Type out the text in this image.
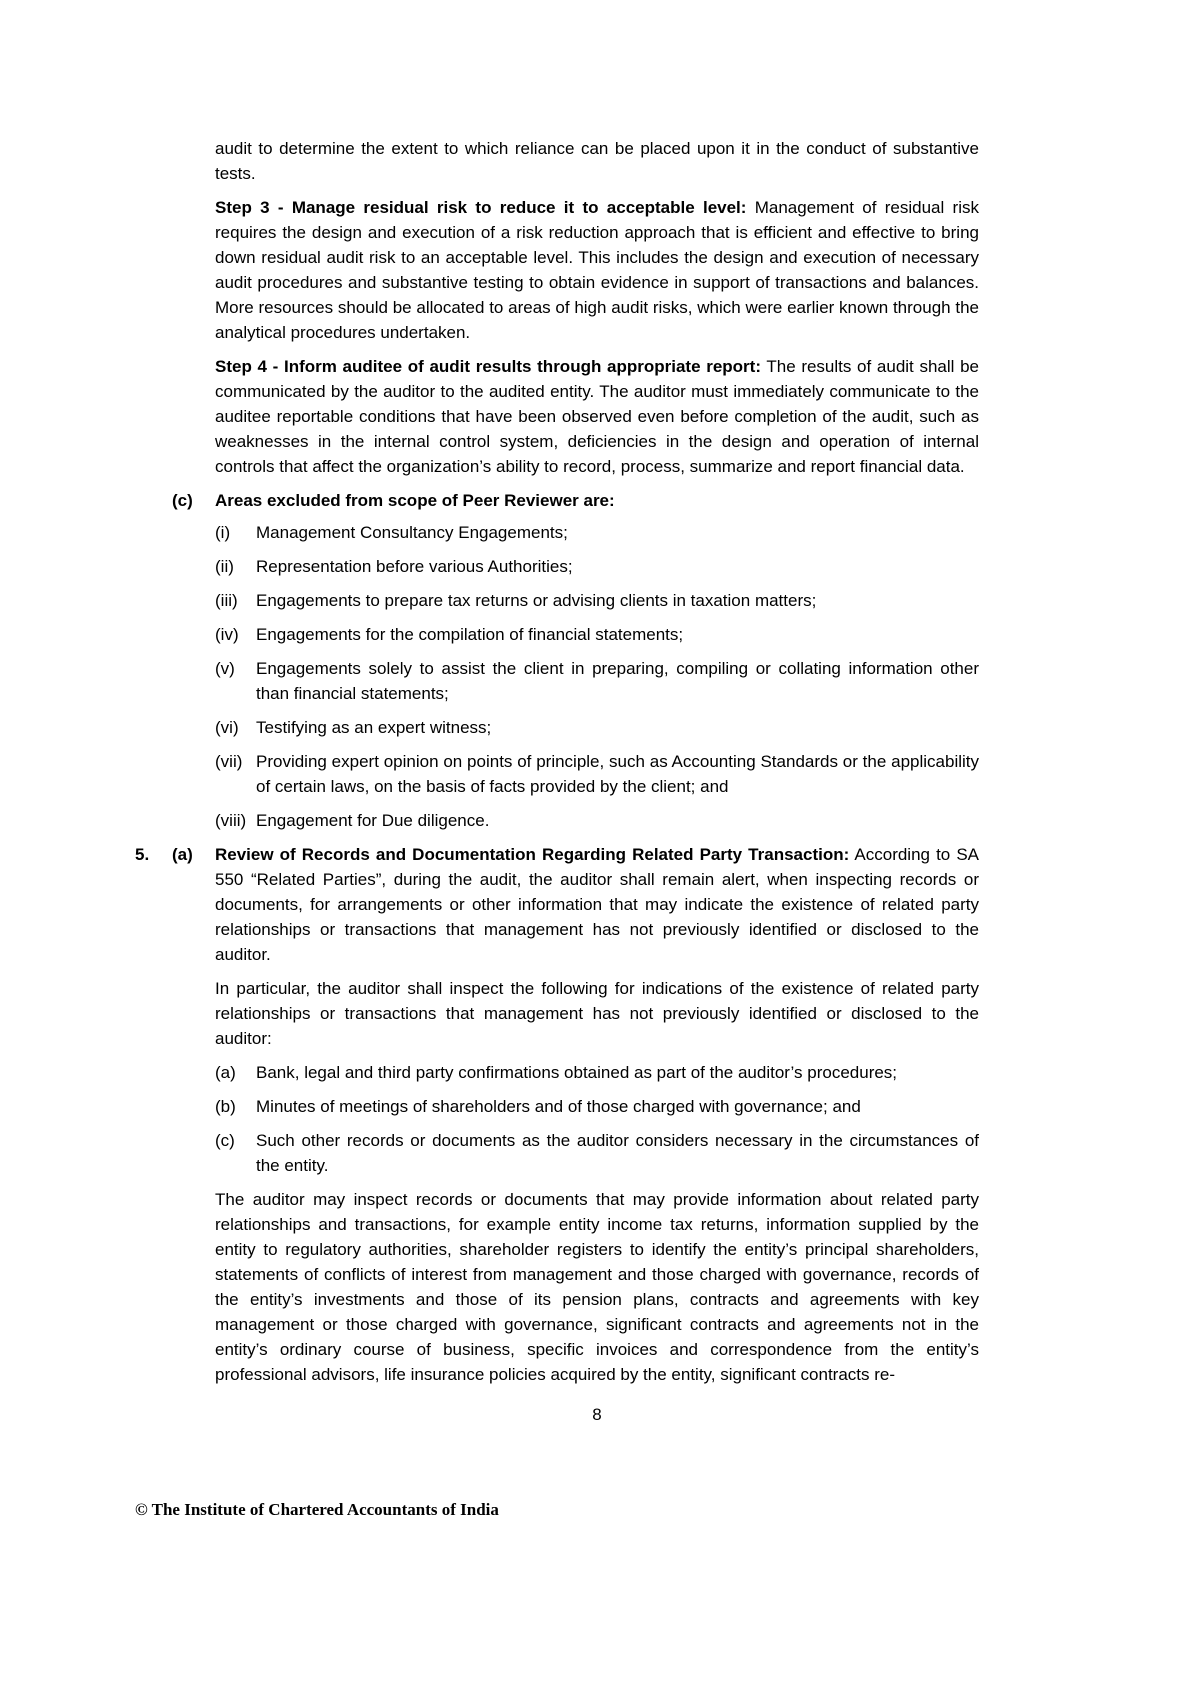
audit to determine the extent to which reliance can be placed upon it in the conduct of substantive tests.

Step 3 - Manage residual risk to reduce it to acceptable level: Management of residual risk requires the design and execution of a risk reduction approach that is efficient and effective to bring down residual audit risk to an acceptable level. This includes the design and execution of necessary audit procedures and substantive testing to obtain evidence in support of transactions and balances. More resources should be allocated to areas of high audit risks, which were earlier known through the analytical procedures undertaken.

Step 4 - Inform auditee of audit results through appropriate report: The results of audit shall be communicated by the auditor to the audited entity. The auditor must immediately communicate to the auditee reportable conditions that have been observed even before completion of the audit, such as weaknesses in the internal control system, deficiencies in the design and operation of internal controls that affect the organization’s ability to record, process, summarize and report financial data.

(c) Areas excluded from scope of Peer Reviewer are:
(i) Management Consultancy Engagements;
(ii) Representation before various Authorities;
(iii) Engagements to prepare tax returns or advising clients in taxation matters;
(iv) Engagements for the compilation of financial statements;
(v) Engagements solely to assist the client in preparing, compiling or collating information other than financial statements;
(vi) Testifying as an expert witness;
(vii) Providing expert opinion on points of principle, such as Accounting Standards or the applicability of certain laws, on the basis of facts provided by the client; and
(viii) Engagement for Due diligence.
5. (a) Review of Records and Documentation Regarding Related Party Transaction: According to SA 550 “Related Parties”, during the audit, the auditor shall remain alert, when inspecting records or documents, for arrangements or other information that may indicate the existence of related party relationships or transactions that management has not previously identified or disclosed to the auditor.

In particular, the auditor shall inspect the following for indications of the existence of related party relationships or transactions that management has not previously identified or disclosed to the auditor:

(a) Bank, legal and third party confirmations obtained as part of the auditor’s procedures;
(b) Minutes of meetings of shareholders and of those charged with governance; and
(c) Such other records or documents as the auditor considers necessary in the circumstances of the entity.

The auditor may inspect records or documents that may provide information about related party relationships and transactions, for example entity income tax returns, information supplied by the entity to regulatory authorities, shareholder registers to identify the entity’s principal shareholders, statements of conflicts of interest from management and those charged with governance, records of the entity’s investments and those of its pension plans, contracts and agreements with key management or those charged with governance, significant contracts and agreements not in the entity’s ordinary course of business, specific invoices and correspondence from the entity’s professional advisors, life insurance policies acquired by the entity, significant contracts re-

8
© The Institute of Chartered Accountants of India
